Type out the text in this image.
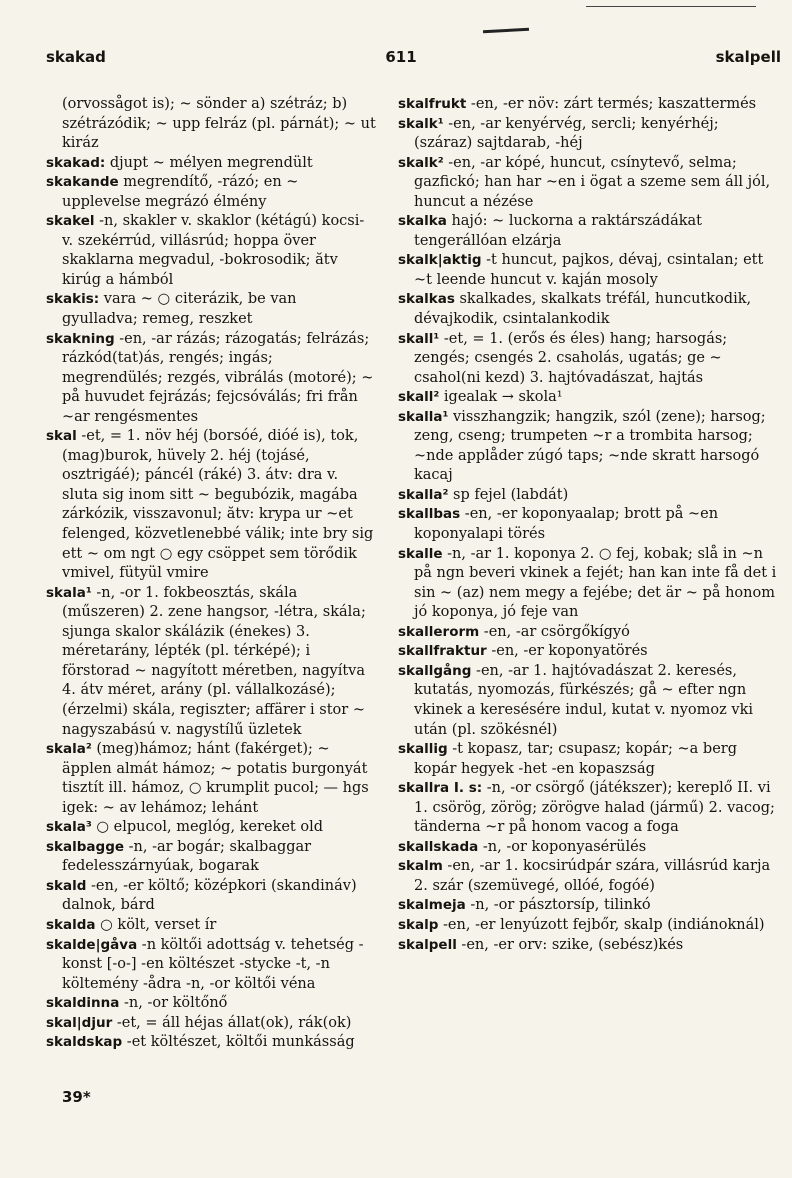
skakad	611	skalpell

(orvossågot is); ~ sönder a) szétráz; b) szétrázódik; ~ upp felráz (pl. párnát); ~ ut kiráz

skakad: djupt ~ mélyen megrendült

skakande megrendítő, -rázó; en ~ upplevelse megrázó élmény

skakel -n, skakler v. skaklor (kétágú) kocsi- v. szekérrúd, villásrúd; hoppa över skaklarna megvadul, -bokrosodik; ătv kirúg a hámból

skakis: vara ~ ○ citerázik, be van gyulladva; remeg, reszket

skakning -en, -ar rázás; rázogatás; felrázás; rázkód(tat)ás, rengés; ingás; megrendülés; rezgés, vibrálás (motoré); ~ på huvudet fejrázás; fejcsóválás; fri från ~ar rengésmentes

skal -et, = 1. növ héj (borsóé, dióé is), tok, (mag)burok, hüvely 2. héj (tojásé, osztrigáé); páncél (ráké) 3. átv: dra v. sluta sig inom sitt ~ begubózik, magába zárkózik, visszavonul; ătv: krypa ur ~et felenged, közvetlenebbé válik; inte bry sig ett ~ om ngt ○ egy csöppet sem törődik vmivel, fütyül vmire

skala¹ -n, -or 1. fokbeosztás, skála (műszeren) 2. zene hangsor, -létra, skála; sjunga skalor skálázik (énekes) 3. méretarány, lépték (pl. térképé); i förstorad ~ nagyított méretben, nagyítva 4. átv méret, arány (pl. vállalkozásé); (érzelmi) skála, regiszter; affärer i stor ~ nagyszabású v. nagystílű üzletek

skala² (meg)hámoz; hánt (fakérget); ~ äpplen almát hámoz; ~ potatis burgonyát tisztít ill. hámoz, ○ krumplit pucol; — hgs igek: ~ av lehámoz; lehánt

skala³ ○ elpucol, meglóg, kereket old

skalbagge -n, -ar bogár; skalbaggar fedelesszárnyúak, bogarak

skald -en, -er költő; középkori (skandináv) dalnok, bárd

skalda ○ költ, verset ír

skalde|gåva -n költői adottság v. tehetség -konst [-o-] -en költészet -stycke -t, -n költemény -ådra -n, -or költői véna

skaldinna -n, -or költőnő

skal|djur -et, = áll héjas állat(ok), rák(ok)

skaldskap -et költészet, költői munkásság

skalfrukt -en, -er növ: zárt termés; kaszattermés

skalk¹ -en, -ar kenyérvég, sercli; kenyérhéj; (száraz) sajtdarab, -héj

skalk² -en, -ar kópé, huncut, csínytevő, selma; gazfickó; han har ~en i ögat a szeme sem áll jól, huncut a nézése

skalka hajó: ~ luckorna a raktárszádákat tengerállóan elzárja

skalk|aktig -t huncut, pajkos, dévaj, csintalan; ett ~t leende huncut v. kaján mosoly

skalkas skalkades, skalkats tréfál, huncutkodik, dévajkodik, csintalankodik

skall¹ -et, = 1. (erős és éles) hang; harsogás; zengés; csengés 2. csaholás, ugatás; ge ~ csahol(ni kezd) 3. hajtóvadászat, hajtás

skall² igealak → skola¹

skalla¹ visszhangzik; hangzik, szól (zene); harsog; zeng, cseng; trumpeten ~r a trombita harsog; ~nde applåder zúgó taps; ~nde skratt harsogó kacaj

skalla² sp fejel (labdát)

skallbas -en, -er koponyaalap; brott på ~en koponyalapi törés

skalle -n, -ar 1. koponya 2. ○ fej, kobak; slå in ~n på ngn beveri vkinek a fejét; han kan inte få det i sin ~ (az) nem megy a fejébe; det är ~ på honom jó koponya, jó feje van

skallerorm -en, -ar csörgőkígyó

skallfraktur -en, -er koponyatörés

skallgång -en, -ar 1. hajtóvadászat 2. keresés, kutatás, nyomozás, fürkészés; gå ~ efter ngn vkinek a keresésére indul, kutat v. nyomoz vki után (pl. szökésnél)

skallig -t kopasz, tar; csupasz; kopár; ~a berg kopár hegyek -het -en kopaszság

skallra I. s: -n, -or csörgő (játékszer); kereplő II. vi 1. csörög, zörög; zörögve halad (jármű) 2. vacog; tänderna ~r på honom vacog a foga

skallskada -n, -or koponyasérülés

skalm -en, -ar 1. kocsirúdpár szára, villásrúd karja 2. szár (szemüvegé, ollóé, fogóé)

skalmeja -n, -or pásztorsíp, tilinkó

skalp -en, -er lenyúzott fejbőr, skalp (indiánoknál)

skalpell -en, -er orv: szike, (sebész)kés

39*
